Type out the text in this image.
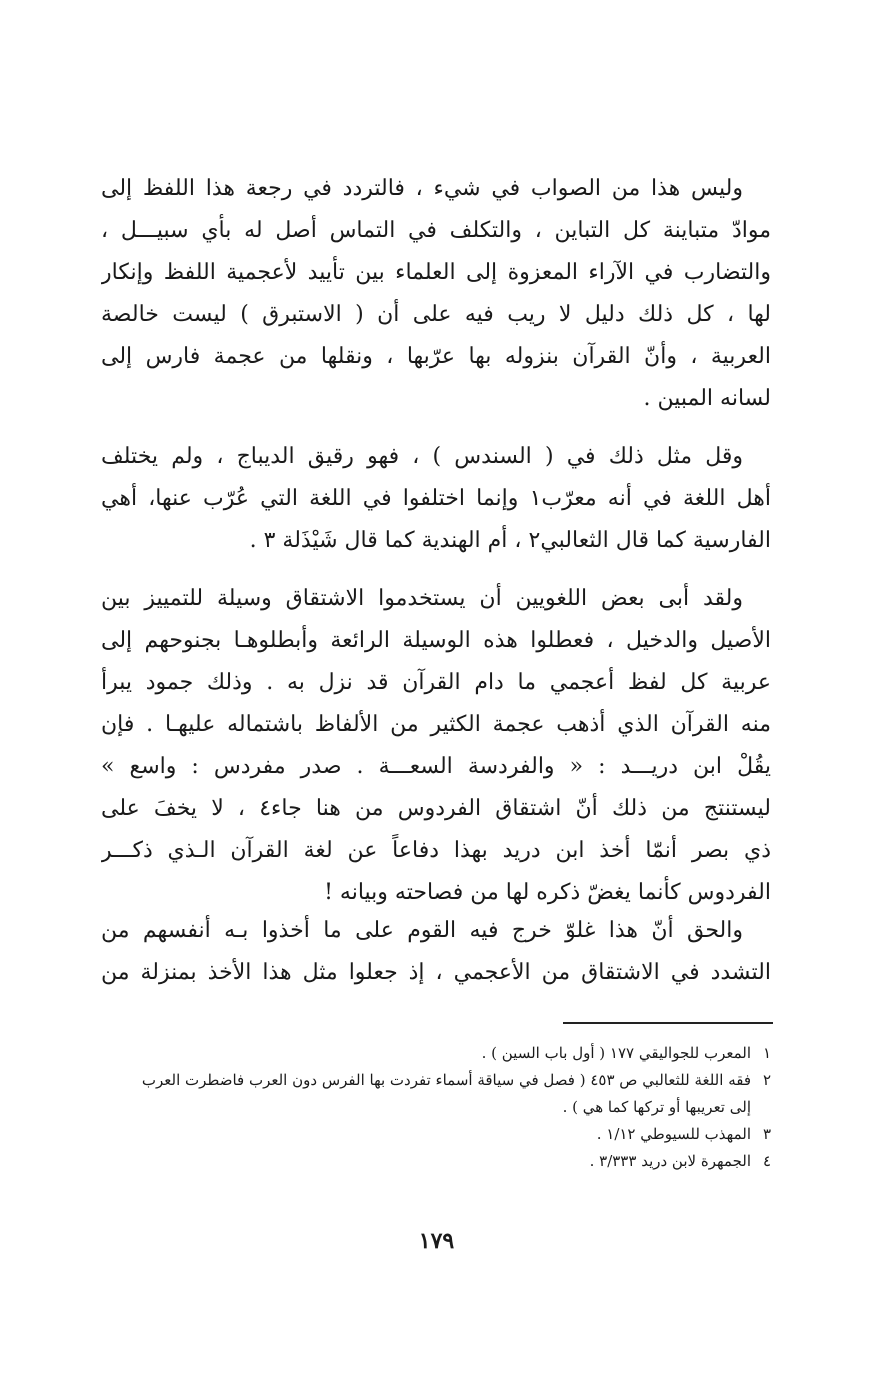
وليس هذا من الصواب في شيء ، فالتردد في رجعة هذا اللفظ إلى
موادّ متباينة كل التباين ، والتكلف في التماس أصل له بأي سبيـــل ،
والتضارب في الآراء المعزوة إلى العلماء بين تأييد لأعجمية اللفظ وإنكار
لها ، كل ذلك دليل لا ريب فيه على أن ( الاستبرق ) ليست خالصة
العربية ، وأنّ القرآن بنزوله بها عرّبها ، ونقلها من عجمة فارس إلى
لسانه المبين .
وقل مثل ذلك في ( السندس ) ، فهو رقيق الديباج ، ولم يختلف
أهل اللغة في أنه معرّب١ وإنما اختلفوا في اللغة التي عُرّب عنها، أهي
الفارسية كما قال الثعالبي٢ ، أم الهندية كما قال شَيْذَلة ٣ .
ولقد أبى بعض اللغويين أن يستخدموا الاشتقاق وسيلة للتمييز بين
الأصيل والدخيل ، فعطلوا هذه الوسيلة الرائعة وأبطلوهـا بجنوحهم إلى
عربية كل لفظ أعجمي ما دام القرآن قد نزل به . وذلك جمود يبرأ
منه القرآن الذي أذهب عجمة الكثير من الألفاظ باشتماله عليهـا . فإن
يقُلْ ابن دريـــد : « والفردسة السعـــة . صدر مفردس : واسع »
ليستنتج من ذلك أنّ اشتقاق الفردوس من هنا جاء٤ ، لا يخفَ على
ذي بصر أنمّا أخذ ابن دريد بهذا دفاعاً عن لغة القرآن الـذي ذكـــر
الفردوس كأنما يغضّ ذكره لها من فصاحته وبيانه !
والحق أنّ هذا غلوّ خرج فيه القوم على ما أخذوا بـه أنفسهم من
التشدد في الاشتقاق من الأعجمي ، إذ جعلوا مثل هذا الأخذ بمنزلة من
١المعرب للجواليقي ١٧٧ ( أول باب السين ) .
٢فقه اللغة للثعالبي ص ٤٥٣ ( فصل في سياقة أسماء تفردت بها الفرس دون العرب فاضطرت العرب
إلى تعريبها أو تركها كما هي ) .
٣المهذب للسيوطي ١/١٢ .
٤الجمهرة لابن دريد ٣/٣٣٣ .
١٧٩
